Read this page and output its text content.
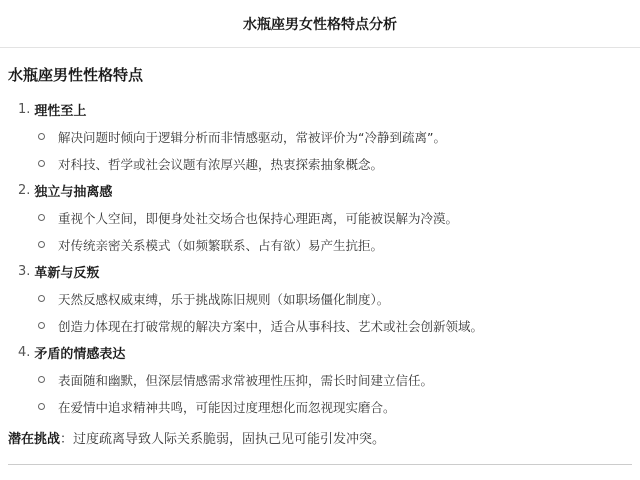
水瓶座男女性格特点分析
水瓶座男性性格特点
1. 理性至上
解决问题时倾向于逻辑分析而非情感驱动，常被评价为“冷静到疏离”。
对科技、哲学或社会议题有浓厚兴趣，热衷探索抽象概念。
2. 独立与抽离感
重视个人空间，即便身处社交场合也保持心理距离，可能被误解为冷漠。
对传统亲密关系模式（如频繁联系、占有欲）易产生抗拒。
3. 革新与反叛
天然反感权威束缚，乐于挑战陈旧规则（如职场僵化制度）。
创造力体现在打破常规的解决方案中，适合从事科技、艺术或社会创新领域。
4. 矛盾的情感表达
表面随和幽默，但深层情感需求常被理性压抑，需长时间建立信任。
在爱情中追求精神共鸣，可能因过度理想化而忽视现实磨合。

潜在挑战 ： 过度疏离导致人际关系脆弱，固执己见可能引发冲突。
